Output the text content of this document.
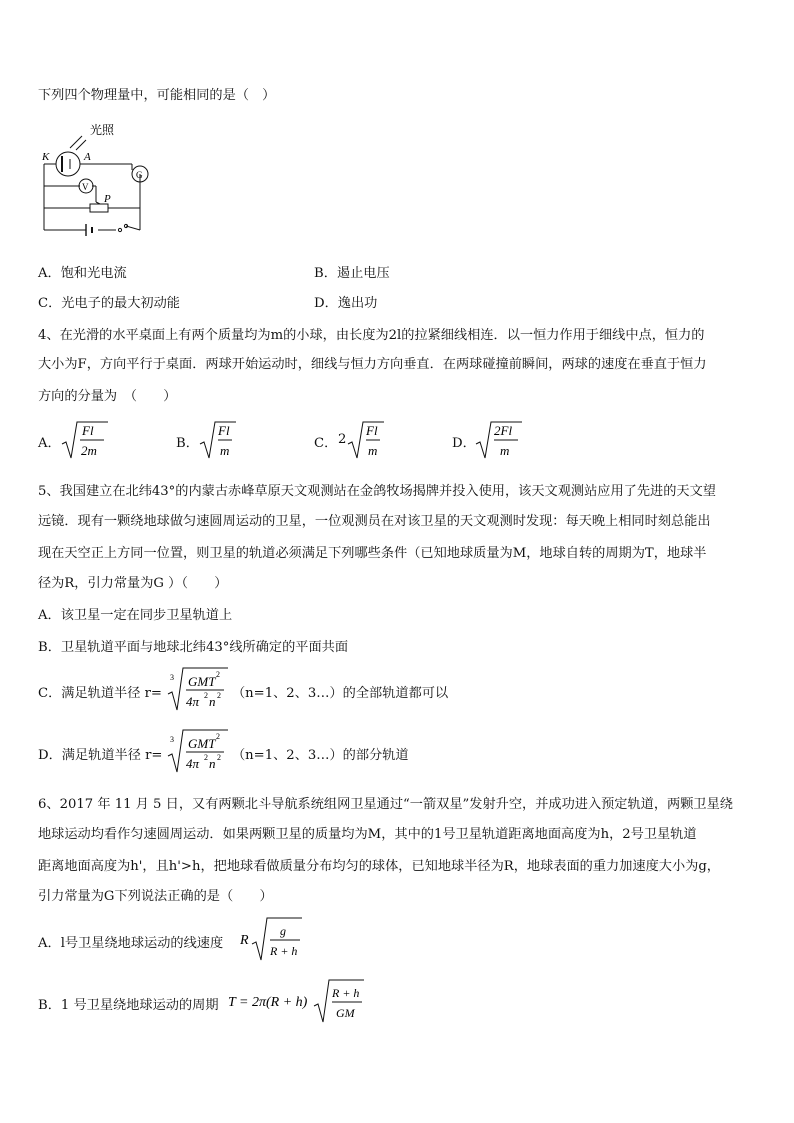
下列四个物理量中，可能相同的是（　）
光照
K	A
G
V
P
A．饱和光电流	B．遏止电压
C．光电子的最大初动能	D．逸出功
4、在光滑的水平桌面上有两个质量均为m的小球，由长度为2l的拉紧细线相连．以一恒力作用于细线中点，恒力的
大小为F，方向平行于桌面．两球开始运动时，细线与恒力方向垂直．在两球碰撞前瞬间，两球的速度在垂直于恒力
方向的分量为　（　　）
A．
Fl
2m	B．
Fl
m	C． 2
Fl
m	D．
2Fl
m
5、我国建立在北纬43°的内蒙古赤峰草原天文观测站在金鸽牧场揭牌并投入使用，该天文观测站应用了先进的天文望
远镜．现有一颗绕地球做匀速圆周运动的卫星，一位观测员在对该卫星的天文观测时发现：每天晚上相同时刻总能出
现在天空正上方同一位置，则卫星的轨道必须满足下列哪些条件（已知地球质量为M，地球自转的周期为T，地球半
径为R，引力常量为G ）（　　）
A．该卫星一定在同步卫星轨道上
B．卫星轨道平面与地球北纬43°线所确定的平面共面
C．满足轨道半径 r=
3 GMT 2
4π 2 n 2 （n=1、2、3…）的全部轨道都可以
D．满足轨道半径 r=
3 GMT 2
4π 2 n 2 （n=1、2、3…）的部分轨道
6、2017 年 11 月 5 日，又有两颗北斗导航系统组网卫星通过“一箭双星”发射升空，并成功进入预定轨道，两颗卫星绕
地球运动均看作匀速圆周运动．如果两颗卫星的质量均为M，其中的1号卫星轨道距离地面高度为h，2号卫星轨道
距离地面高度为h'，且h'>h，把地球看做质量分布均匀的球体，已知地球半径为R，地球表面的重力加速度大小为g，
引力常量为G下列说法正确的是（　　）
A．l号卫星绕地球运动的线速度 R
g
R + h
B．1 号卫星绕地球运动的周期 T = 2π(R + h)
R + h
GM
